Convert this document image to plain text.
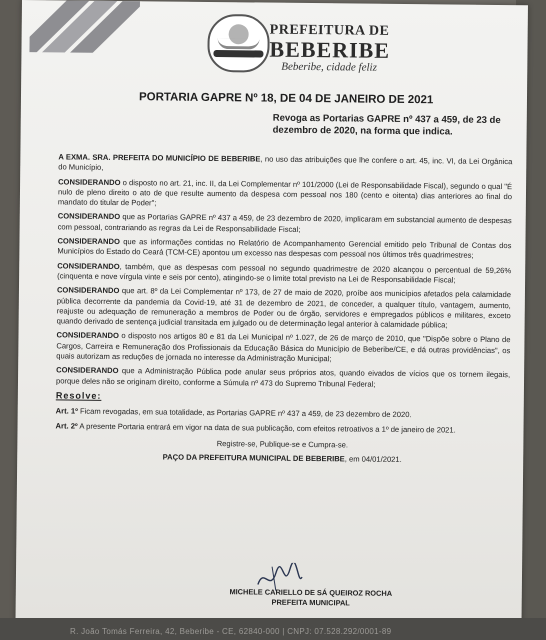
PREFEITURA DE
BEBERIBE
Beberibe, cidade feliz
PORTARIA GAPRE Nº 18, DE 04 DE JANEIRO DE 2021
Revoga as Portarias GAPRE nº 437 a 459, de 23 de dezembro de 2020, na forma que indica.

A EXMA. SRA. PREFEITA DO MUNICÍPIO DE BEBERIBE, no uso das atribuições que lhe confere o art. 45, inc. VI, da Lei Orgânica do Município,

CONSIDERANDO o disposto no art. 21, inc. II, da Lei Complementar nº 101/2000 (Lei de Responsabilidade Fiscal), segundo o qual "É nulo de pleno direito o ato de que resulte aumento da despesa com pessoal nos 180 (cento e oitenta) dias anteriores ao final do mandato do titular de Poder";

CONSIDERANDO que as Portarias GAPRE nº 437 a 459, de 23 dezembro de 2020, implicaram em substancial aumento de despesas com pessoal, contrariando as regras da Lei de Responsabilidade Fiscal;

CONSIDERANDO que as informações contidas no Relatório de Acompanhamento Gerencial emitido pelo Tribunal de Contas dos Municípios do Estado do Ceará (TCM-CE) apontou um excesso nas despesas com pessoal nos últimos três quadrimestres;

CONSIDERANDO, também, que as despesas com pessoal no segundo quadrimestre de 2020 alcançou o percentual de 59,26% (cinquenta e nove vírgula vinte e seis por cento), atingindo-se o limite total previsto na Lei de Responsabilidade Fiscal;

CONSIDERANDO que art. 8º da Lei Complementar nº 173, de 27 de maio de 2020, proíbe aos municípios afetados pela calamidade pública decorrente da pandemia da Covid-19, até 31 de dezembro de 2021, de conceder, a qualquer título, vantagem, aumento, reajuste ou adequação de remuneração a membros de Poder ou de órgão, servidores e empregados públicos e militares, exceto quando derivado de sentença judicial transitada em julgado ou de determinação legal anterior à calamidade pública;

CONSIDERANDO o disposto nos artigos 80 e 81 da Lei Municipal nº 1.027, de 26 de março de 2010, que "Dispõe sobre o Plano de Cargos, Carreira e Remuneração dos Profissionais da Educação Básica do Município de Beberibe/CE, e dá outras providências", os quais autorizam as reduções de jornada no interesse da Administração Municipal;

CONSIDERANDO que a Administração Pública pode anular seus próprios atos, quando eivados de vícios que os tornem ilegais, porque deles não se originam direito, conforme a Súmula nº 473 do Supremo Tribunal Federal;

Resolve:

Art. 1º Ficam revogadas, em sua totalidade, as Portarias GAPRE nº 437 a 459, de 23 dezembro de 2020.

Art. 2º A presente Portaria entrará em vigor na data de sua publicação, com efeitos retroativos a 1º de janeiro de 2021.

Registre-se, Publique-se e Cumpra-se.

PAÇO DA PREFEITURA MUNICIPAL DE BEBERIBE, em 04/01/2021.

MICHELE CARIELLO DE SÁ QUEIROZ ROCHA
PREFEITA MUNICIPAL
R. João Tomás Ferreira, 42, Beberibe - CE, 62840-000 | CNPJ: 07.528.292/0001-89
